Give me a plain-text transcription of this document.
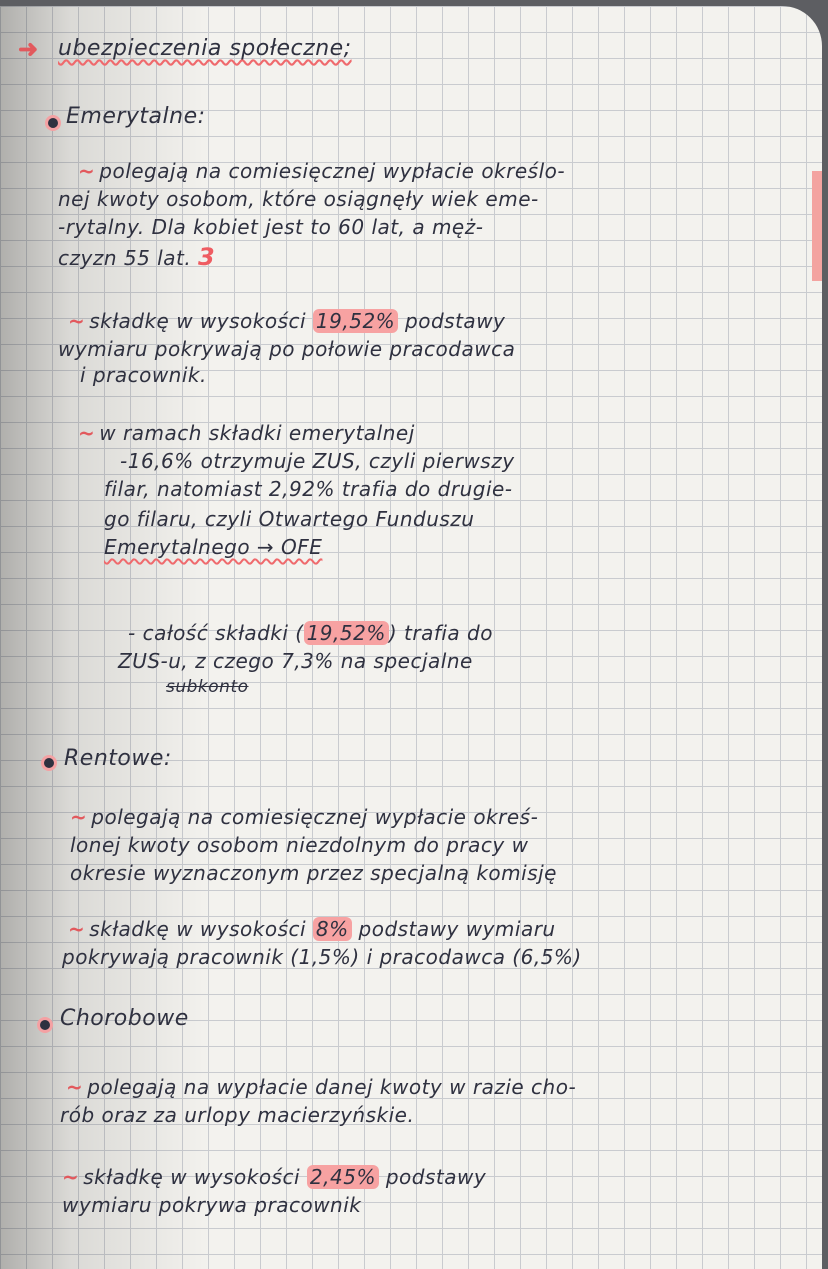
➜ ubezpieczenia społeczne;
Emerytalne:
~ polegają na comiesięcznej wypłacie określo-
nej kwoty osobom, które osiągnęły wiek eme-
-rytalny. Dla kobiet jest to 60 lat, a męż-
czyzn 55 lat. 3
~ składkę w wysokości 19,52% podstawy
wymiaru pokrywają po połowie pracodawca
i pracownik.
~ w ramach składki emerytalnej
-16,6% otrzymuje ZUS, czyli pierwszy
filar, natomiast 2,92% trafia do drugie-
go filaru, czyli Otwartego Funduszu
Emerytalnego → OFE
- całość składki ( 19,52% ) trafia do
ZUS-u, z czego 7,3% na specjalne
subkonto
Rentowe:
~ polegają na comiesięcznej wypłacie okreś-
lonej kwoty osobom niezdolnym do pracy w
okresie wyznaczonym przez specjalną komisję
~ składkę w wysokości 8% podstawy wymiaru
pokrywają pracownik (1,5%) i pracodawca (6,5%)
Chorobowe
~ polegają na wypłacie danej kwoty w razie cho-
rób oraz za urlopy macierzyńskie.
~ składkę w wysokości 2,45% podstawy
wymiaru pokrywa pracownik
